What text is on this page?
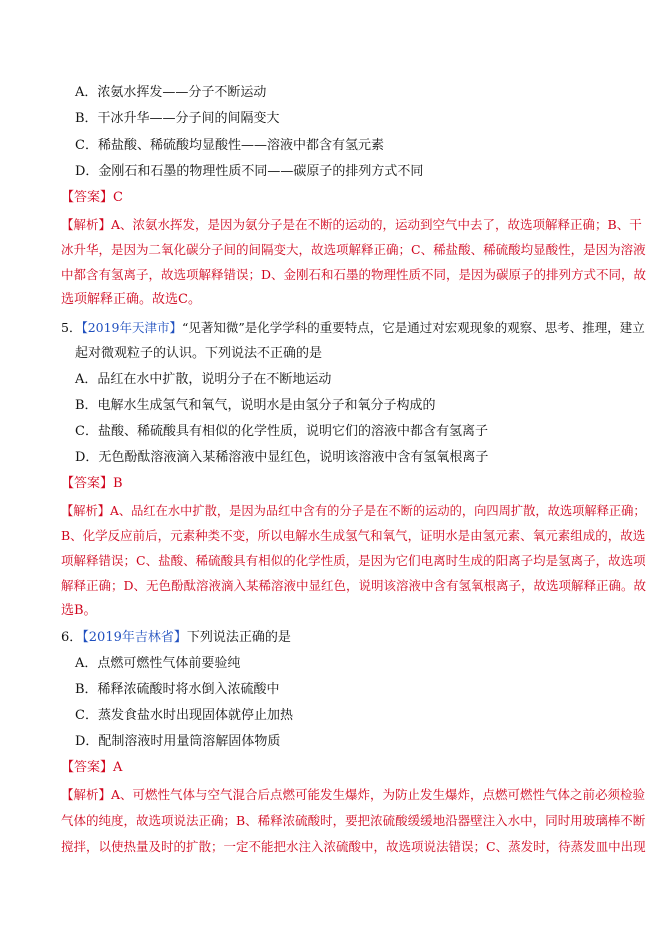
A．浓氨水挥发——分子不断运动
B．干冰升华——分子间的间隔变大
C．稀盐酸、稀硫酸均显酸性——溶液中都含有氢元素
D．金刚石和石墨的物理性质不同——碳原子的排列方式不同
【答案】C
【解析】A、浓氨水挥发，是因为氨分子是在不断的运动的，运动到空气中去了，故选项解释正确；B、干
冰升华，是因为二氧化碳分子间的间隔变大，故选项解释正确；C、稀盐酸、稀硫酸均显酸性，是因为溶液
中都含有氢离子，故选项解释错误；D、金刚石和石墨的物理性质不同，是因为碳原子的排列方式不同，故
选项解释正确。故选C。
5．【2019年天津市】“见著知微”是化学学科的重要特点，它是通过对宏观现象的观察、思考、推理，建立
起对微观粒子的认识。下列说法不正确的是
A．品红在水中扩散，说明分子在不断地运动
B．电解水生成氢气和氧气，说明水是由氢分子和氧分子构成的
C．盐酸、稀硫酸具有相似的化学性质，说明它们的溶液中都含有氢离子
D．无色酚酞溶液滴入某稀溶液中显红色，说明该溶液中含有氢氧根离子
【答案】B
【解析】A、品红在水中扩散，是因为品红中含有的分子是在不断的运动的，向四周扩散，故选项解释正确；
B、化学反应前后，元素种类不变，所以电解水生成氢气和氧气，证明水是由氢元素、氧元素组成的，故选
项解释错误；C、盐酸、稀硫酸具有相似的化学性质，是因为它们电离时生成的阳离子均是氢离子，故选项
解释正确；D、无色酚酞溶液滴入某稀溶液中显红色，说明该溶液中含有氢氧根离子，故选项解释正确。故
选B。
6．【2019年吉林省】下列说法正确的是
A．点燃可燃性气体前要验纯
B．稀释浓硫酸时将水倒入浓硫酸中
C．蒸发食盐水时出现固体就停止加热
D．配制溶液时用量筒溶解固体物质
【答案】A
【解析】A、可燃性气体与空气混合后点燃可能发生爆炸，为防止发生爆炸，点燃可燃性气体之前必须检验
气体的纯度，故选项说法正确；B、稀释浓硫酸时，要把浓硫酸缓缓地沿器壁注入水中，同时用玻璃棒不断
搅拌，以使热量及时的扩散；一定不能把水注入浓硫酸中，故选项说法错误；C、蒸发时，待蒸发皿中出现
